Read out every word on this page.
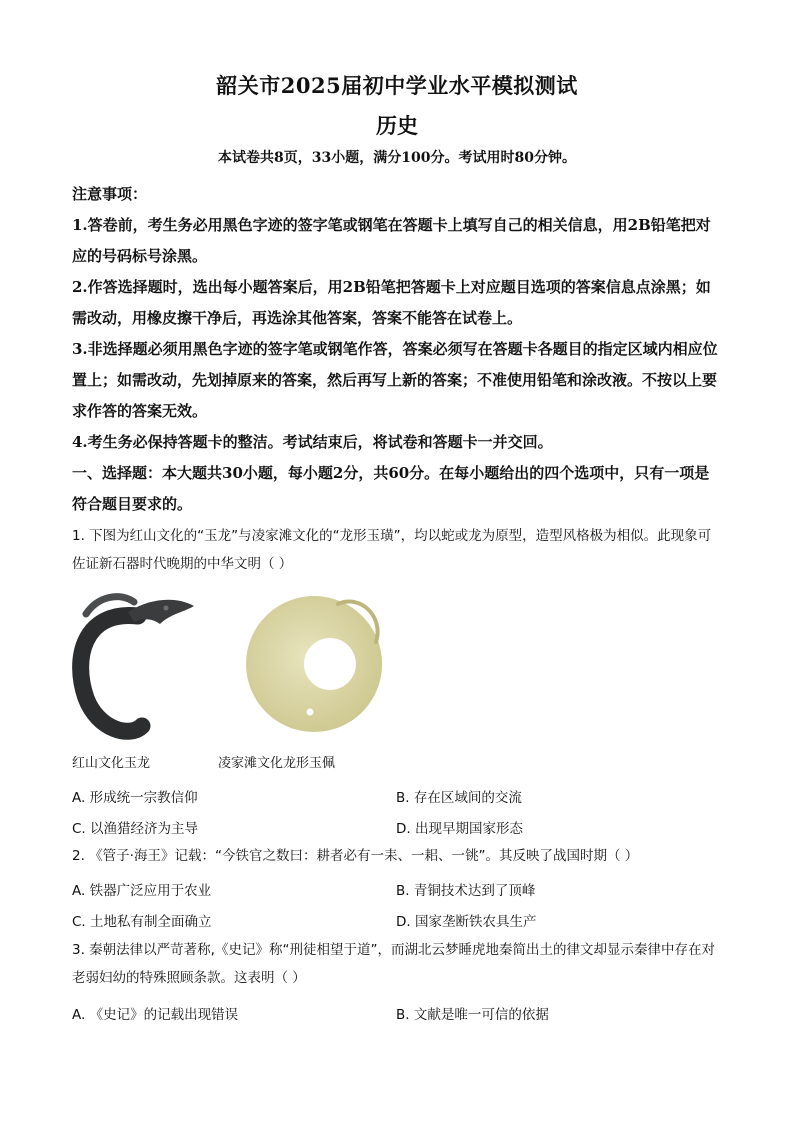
韶关市2025届初中学业水平模拟测试
历史
本试卷共8页，33小题，满分100分。考试用时80分钟。
注意事项：
1.答卷前，考生务必用黑色字迹的签字笔或钢笔在答题卡上填写自己的相关信息，用2B铅笔把对应的号码标号涂黑。
2.作答选择题时，选出每小题答案后，用2B铅笔把答题卡上对应题目选项的答案信息点涂黑；如需改动，用橡皮擦干净后，再选涂其他答案，答案不能答在试卷上。
3.非选择题必须用黑色字迹的签字笔或钢笔作答，答案必须写在答题卡各题目的指定区域内相应位置上；如需改动，先划掉原来的答案，然后再写上新的答案；不准使用铅笔和涂改液。不按以上要求作答的答案无效。
4.考生务必保持答题卡的整洁。考试结束后，将试卷和答题卡一并交回。
一、选择题：本大题共30小题，每小题2分，共60分。在每小题给出的四个选项中，只有一项是符合题目要求的。
1. 下图为红山文化的“玉龙”与凌家滩文化的“龙形玉璜”，均以蛇或龙为原型，造型风格极为相似。此现象可佐证新石器时代晚期的中华文明（ ）
红山文化玉龙	凌家滩文化龙形玉佩
A. 形成统一宗教信仰	B. 存在区域间的交流
C. 以渔猎经济为主导	D. 出现早期国家形态
2. 《管子·海王》记载：“今铁官之数曰：耕者必有一耒、一耜、一铫”。其反映了战国时期（ ）
A. 铁器广泛应用于农业	B. 青铜技术达到了顶峰
C. 土地私有制全面确立	D. 国家垄断铁农具生产
3. 秦朝法律以严苛著称,《史记》称“刑徒相望于道”，而湖北云梦睡虎地秦简出土的律文却显示秦律中存在对老弱妇幼的特殊照顾条款。这表明（ ）
A. 《史记》的记载出现错误	B. 文献是唯一可信的依据
